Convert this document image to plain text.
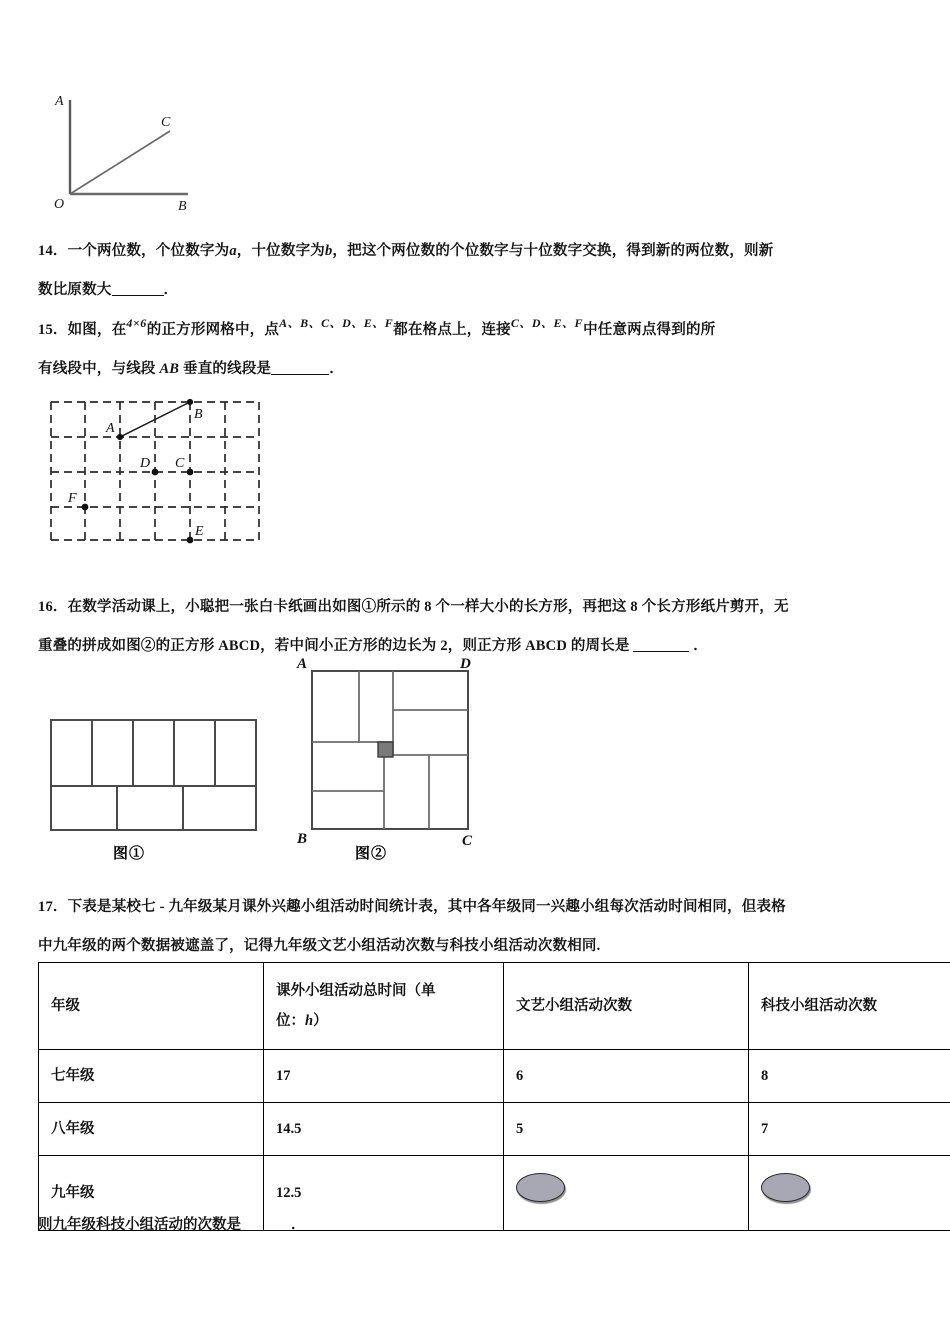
A
C
O	B
14．一个两位数，个位数字为a，十位数字为b，把这个两位数的个位数字与十位数字交换，得到新的两位数，则新
数比原数大	．
15．如图，在$^{4\times 6}$的正方形网格中，点$^{A、B、C、D、E、F}$都在格点上，连接$^{C、D、E、F}$中任意两点得到的所
有线段中，与线段 AB 垂直的线段是	．
A
B
D C
F
E
16．在数学活动课上，小聪把一张白卡纸画出如图①所示的 8 个一样大小的长方形，再把这 8 个长方形纸片剪开，无
重叠的拼成如图②的正方形 ABCD，若中间小正方形的边长为 2，则正方形 ABCD 的周长是	．
图①
A	D
B	C
图②
17．下表是某校七 - 九年级某月课外兴趣小组活动时间统计表，其中各年级同一兴趣小组每次活动时间相同，但表格
中九年级的两个数据被遮盖了，记得九年级文艺小组活动次数与科技小组活动次数相同.
年级	课外小组活动总时间（单
位：h）	文艺小组活动次数	科技小组活动次数
七年级	17	6	8
八年级	14.5	5	7
九年级	12.5		
则九年级科技小组活动的次数是	．
